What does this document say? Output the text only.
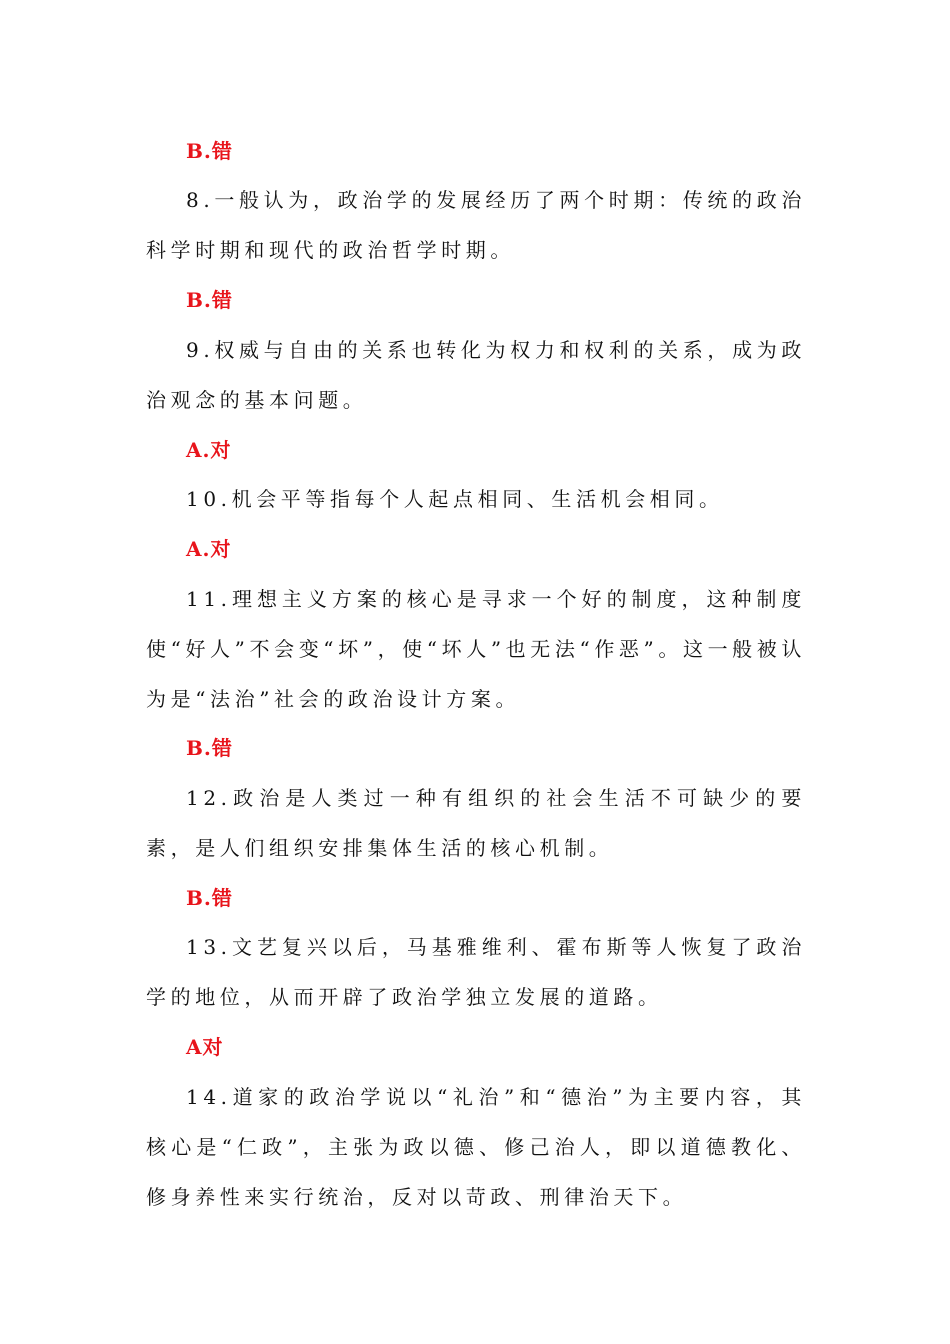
B.错
8.一般认为，政治学的发展经历了两个时期：传统的政治科学时期和现代的政治哲学时期。
B.错
9.权威与自由的关系也转化为权力和权利的关系，成为政治观念的基本问题。
A.对
10.机会平等指每个人起点相同、生活机会相同。
A.对
11.理想主义方案的核心是寻求一个好的制度，这种制度使“好人”不会变“坏”，使“坏人”也无法“作恶”。这一般被认为是“法治”社会的政治设计方案。
B.错
12.政治是人类过一种有组织的社会生活不可缺少的要素，是人们组织安排集体生活的核心机制。
B.错
13.文艺复兴以后，马基雅维利、霍布斯等人恢复了政治学的地位，从而开辟了政治学独立发展的道路。
A对
14.道家的政治学说以“礼治”和“德治”为主要内容，其核心是“仁政”，主张为政以德、修己治人，即以道德教化、修身养性来实行统治，反对以苛政、刑律治天下。
